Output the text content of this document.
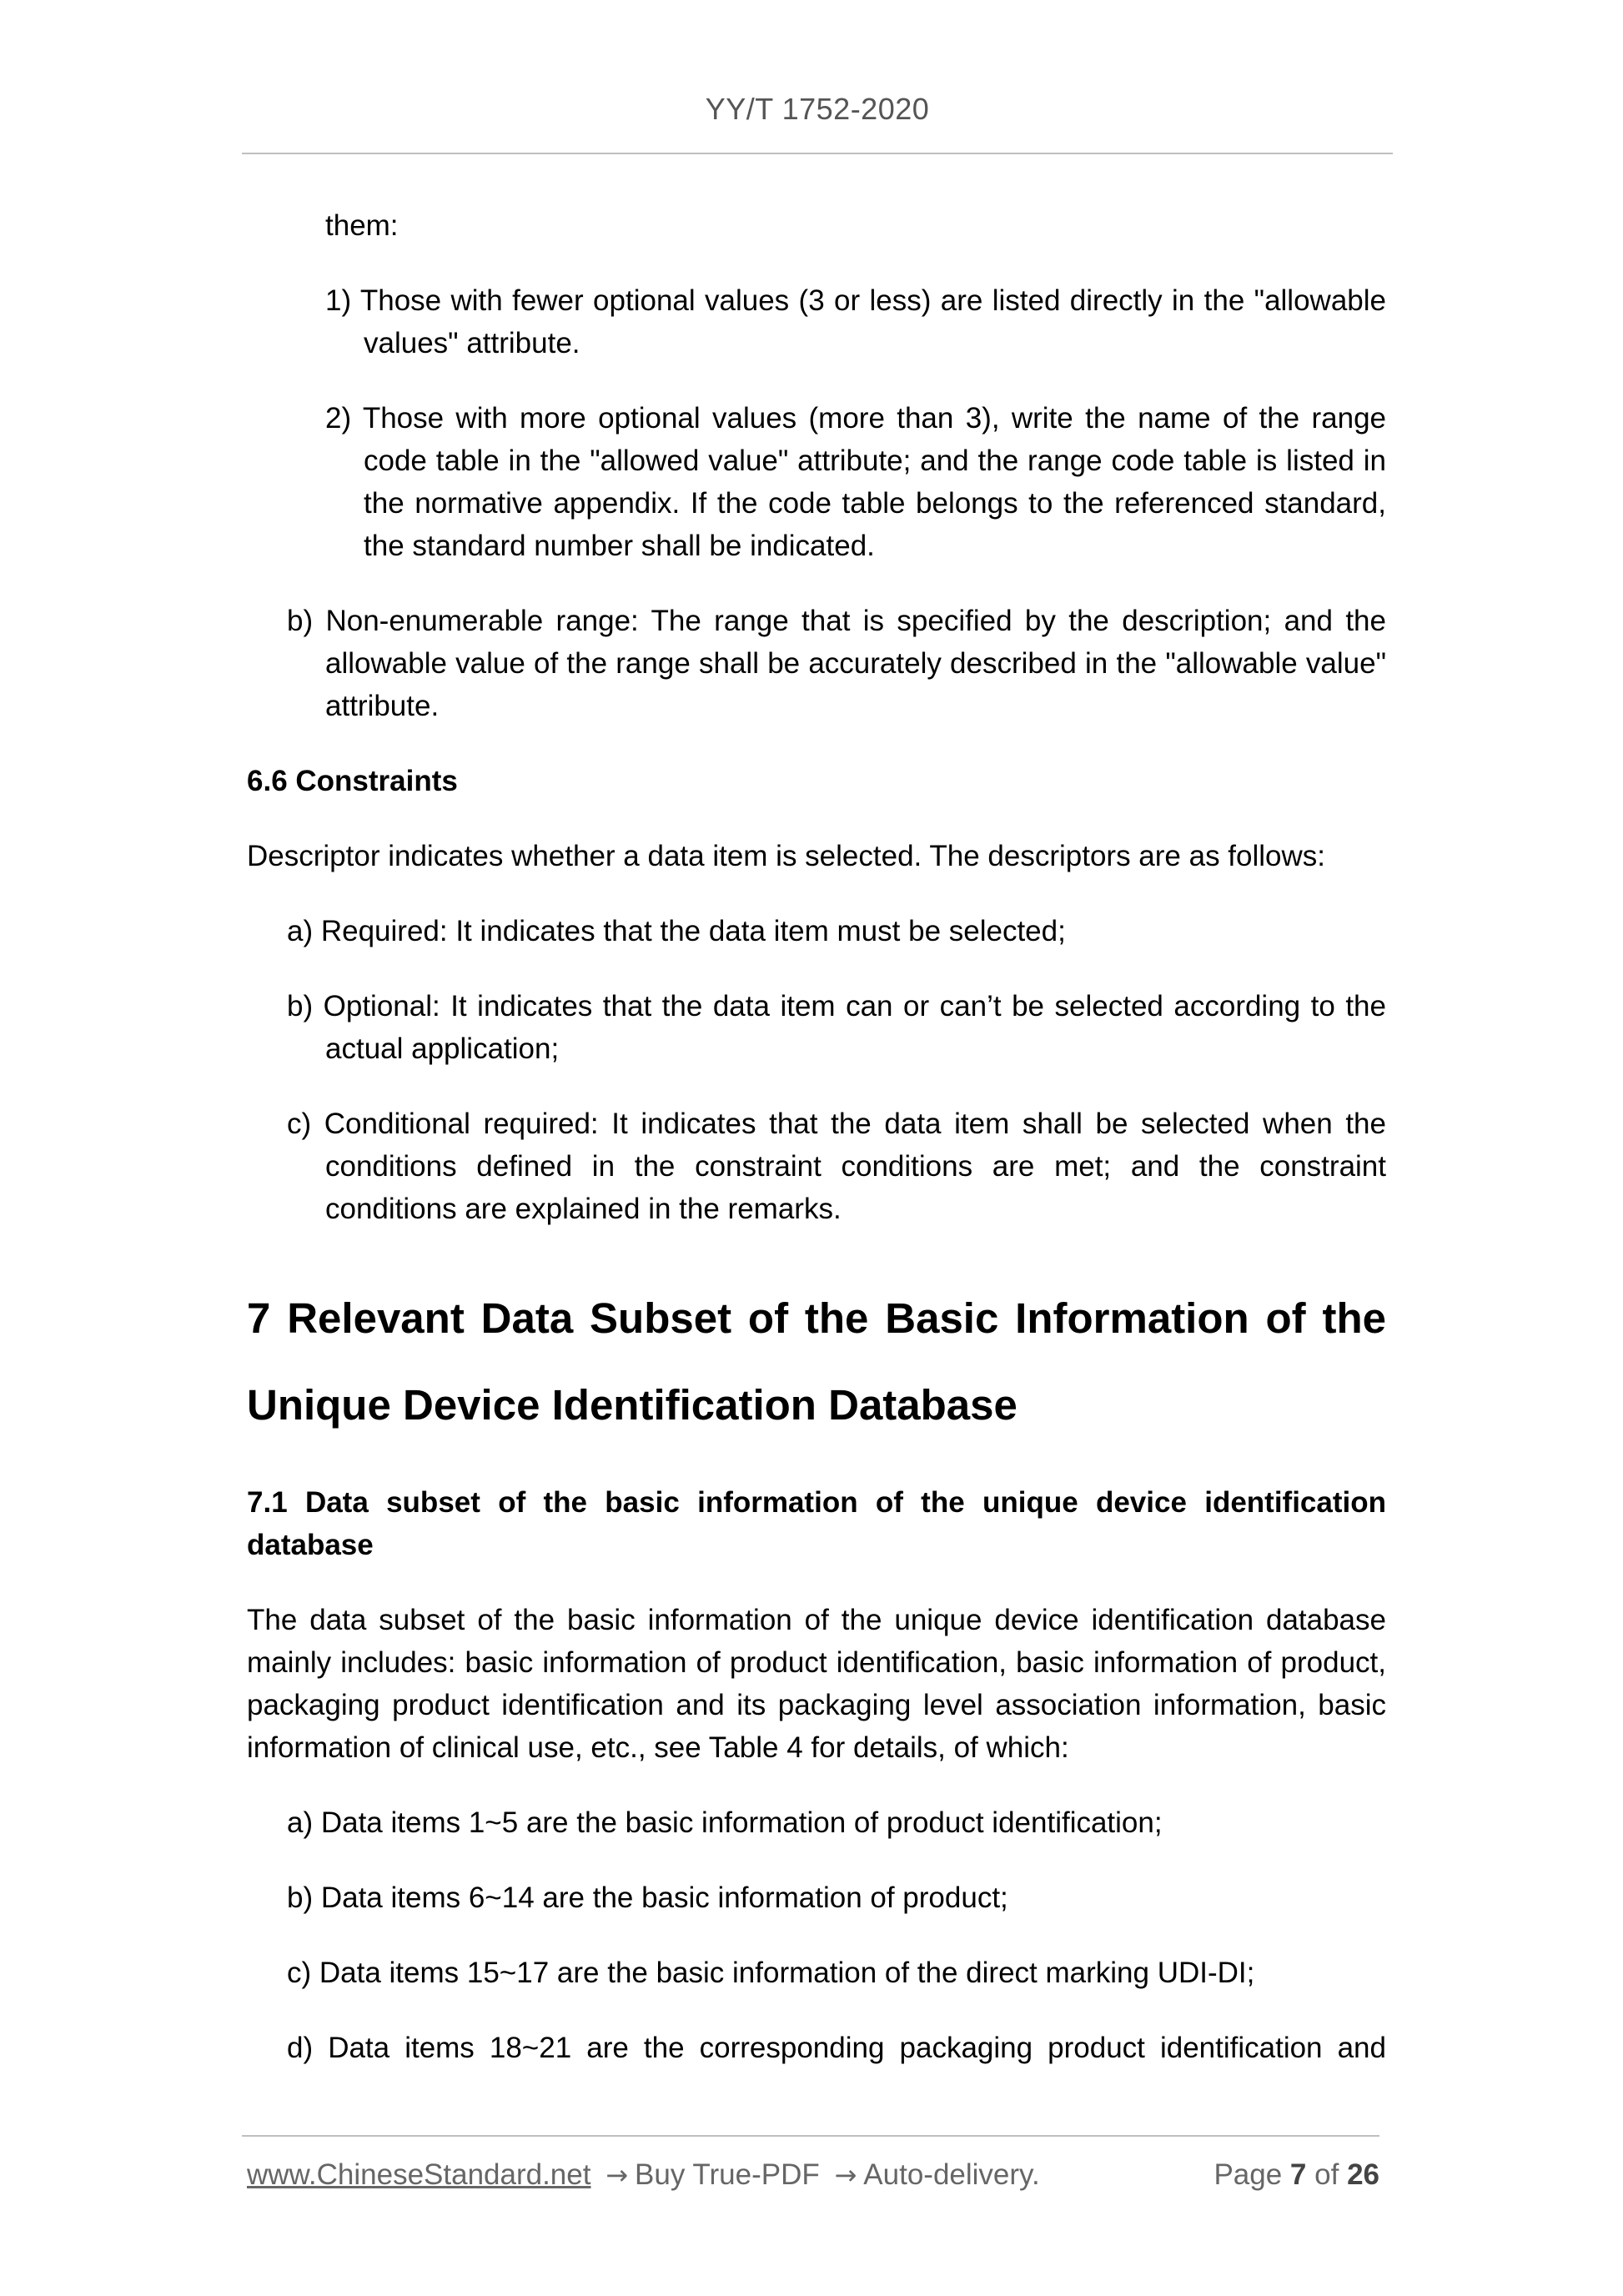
YY/T 1752-2020

them:

1) Those with fewer optional values (3 or less) are listed directly in the "allowable values" attribute.

2) Those with more optional values (more than 3), write the name of the range code table in the "allowed value" attribute; and the range code table is listed in the normative appendix. If the code table belongs to the referenced standard, the standard number shall be indicated.

b) Non-enumerable range: The range that is specified by the description; and the allowable value of the range shall be accurately described in the "allowable value" attribute.

6.6 Constraints

Descriptor indicates whether a data item is selected. The descriptors are as follows:

a) Required: It indicates that the data item must be selected;

b) Optional: It indicates that the data item can or can’t be selected according to the actual application;

c) Conditional required: It indicates that the data item shall be selected when the conditions defined in the constraint conditions are met; and the constraint conditions are explained in the remarks.

7 Relevant Data Subset of the Basic Information of the Unique Device Identification Database

7.1 Data subset of the basic information of the unique device identification database

The data subset of the basic information of the unique device identification database mainly includes: basic information of product identification, basic information of product, packaging product identification and its packaging level association information, basic information of clinical use, etc., see Table 4 for details, of which:

a) Data items 1~5 are the basic information of product identification;

b) Data items 6~14 are the basic information of product;

c) Data items 15~17 are the basic information of the direct marking UDI-DI;

d) Data items 18~21 are the corresponding packaging product identification and

www.ChineseStandard.net → Buy True-PDF → Auto-delivery.	Page 7 of 26
